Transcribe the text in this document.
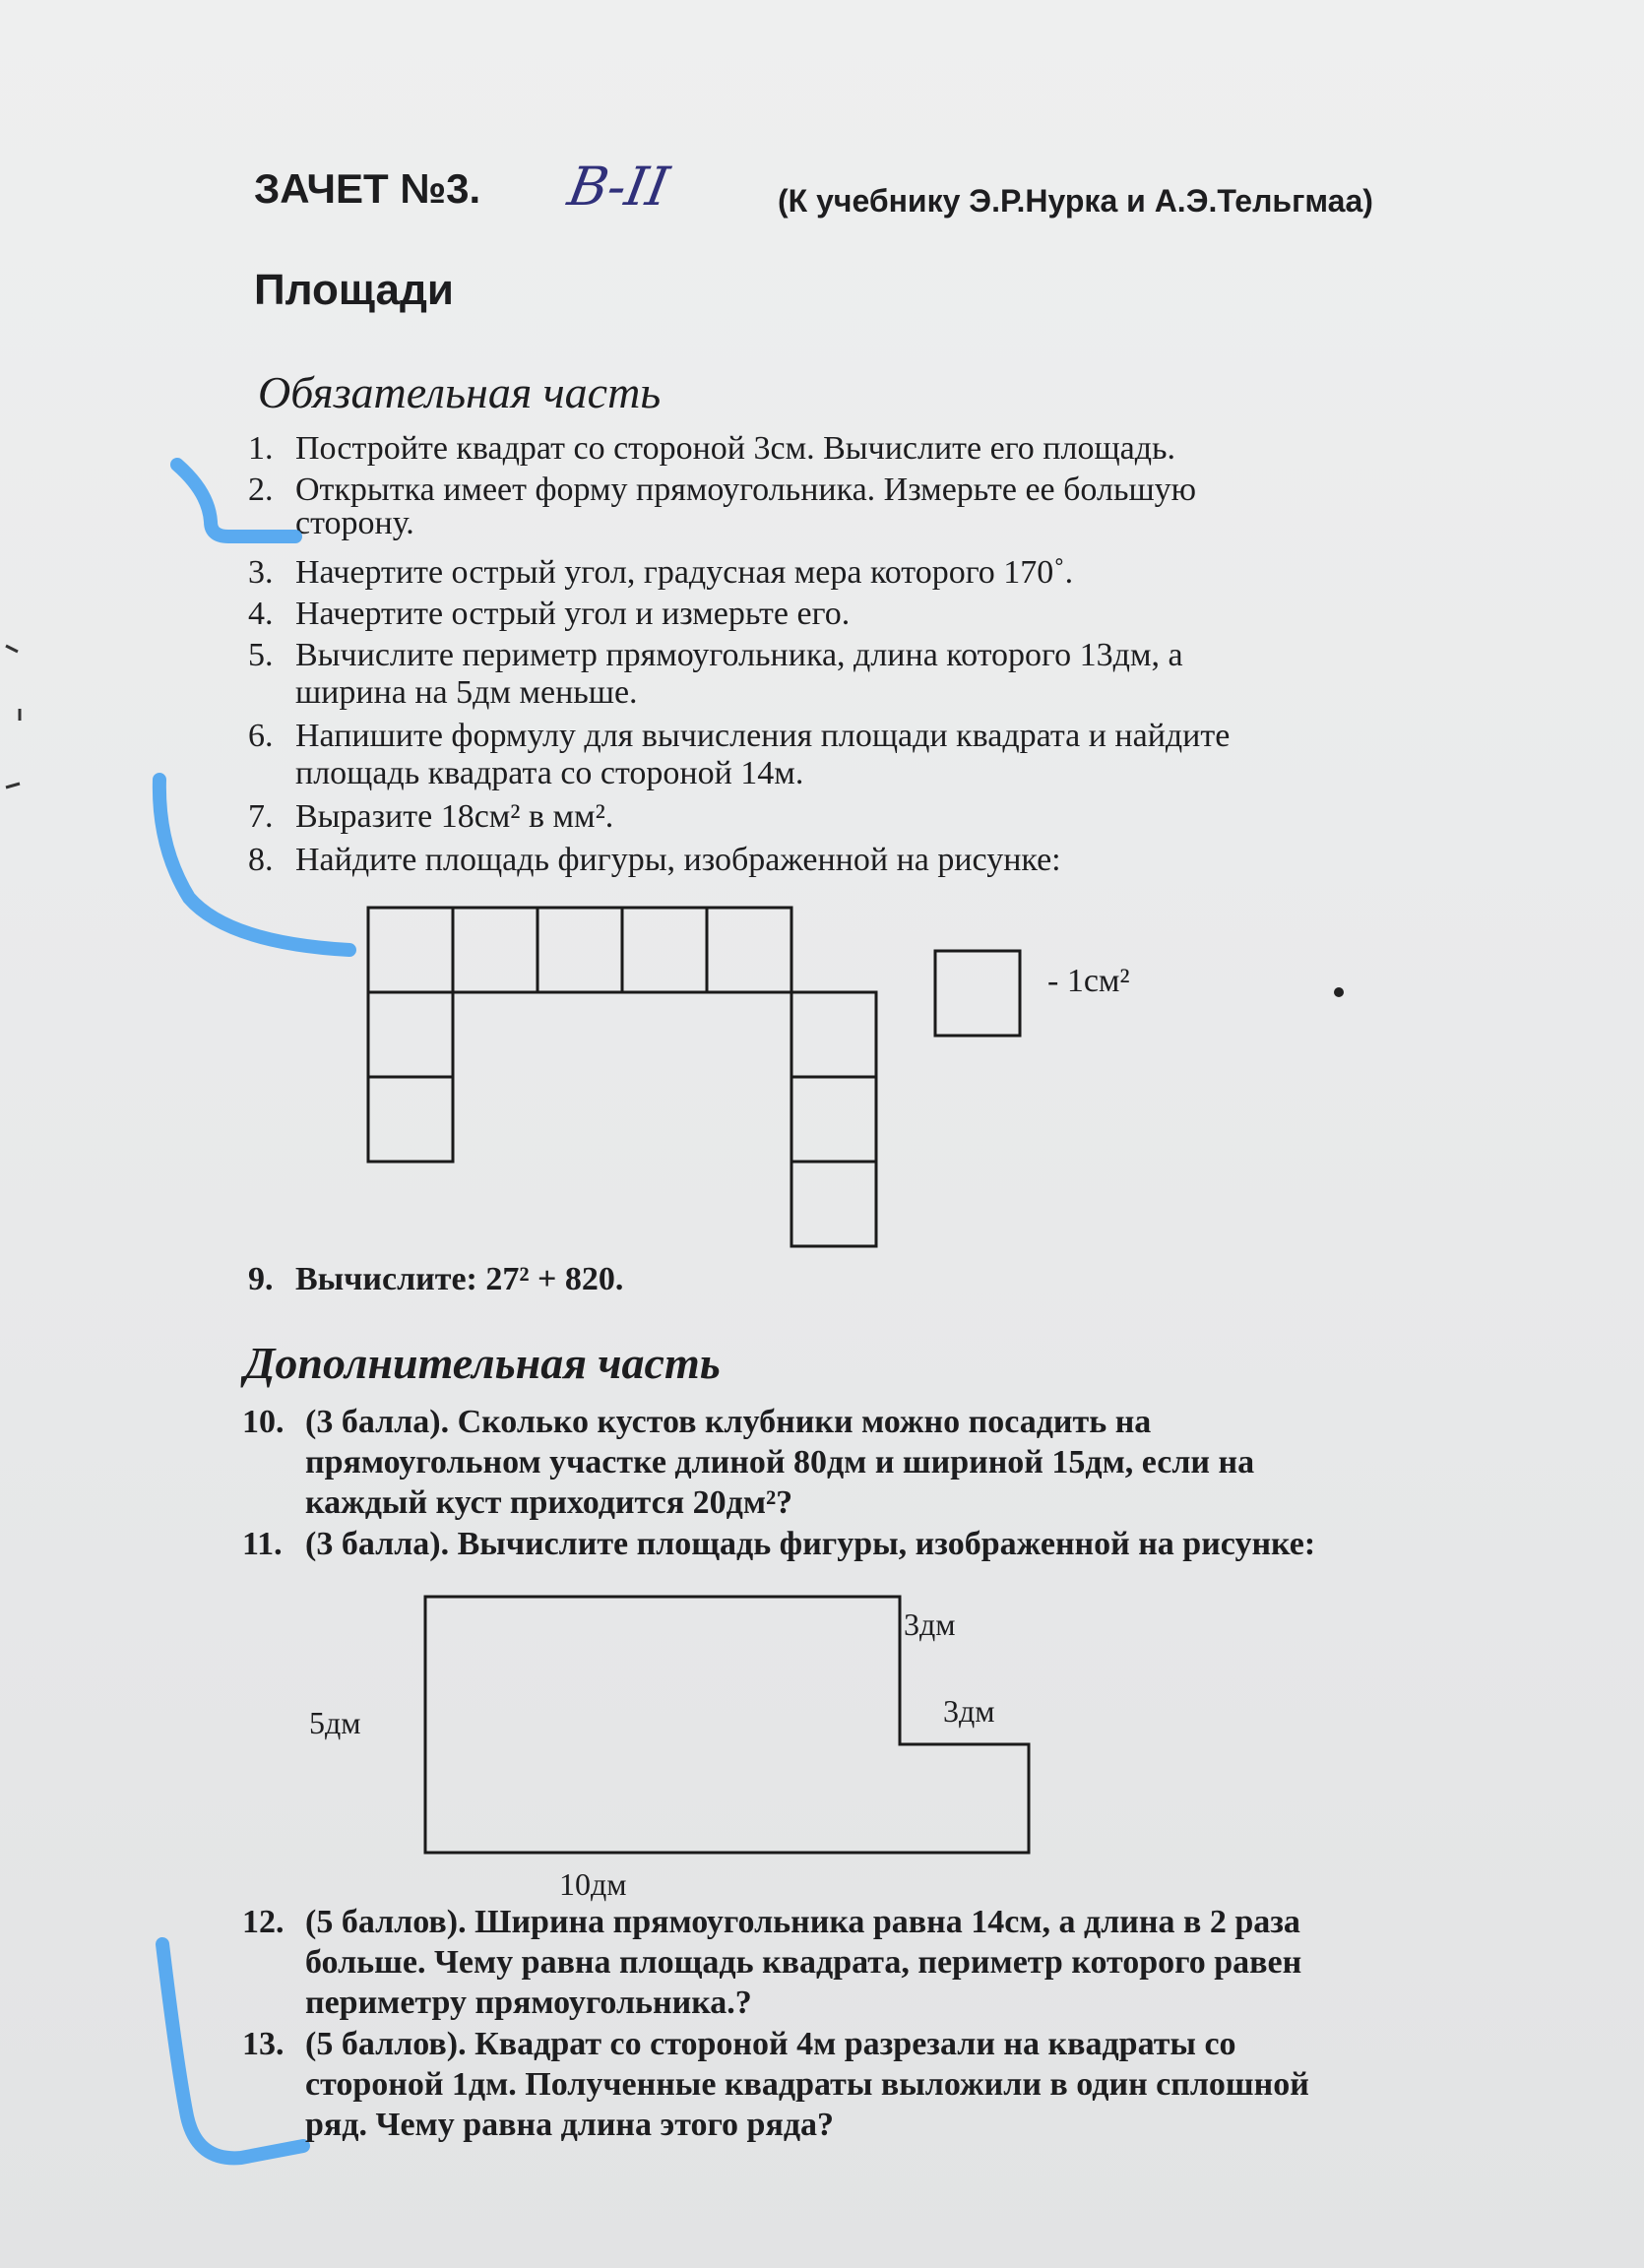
ЗАЧЕТ №3. В-II	(К учебнику Э.Р.Нурка и А.Э.Тельгмаа)
Площади
Обязательная часть
1. Постройте квадрат со стороной 3см. Вычислите его площадь.
2. Открытка имеет форму прямоугольника. Измерьте ее большую
сторону.
3. Начертите острый угол, градусная мера которого 170˚.
4. Начертите острый угол и измерьте его.
5. Вычислите периметр прямоугольника, длина которого 13дм, а
ширина на 5дм меньше.
6. Напишите формулу для вычисления площади квадрата и найдите
площадь квадрата со стороной 14м.
7. Выразите 18см² в мм².
8. Найдите площадь фигуры, изображенной на рисунке:
- 1см²
9. Вычислите: 27² + 820.
Дополнительная часть
10. (3 балла). Сколько кустов клубники можно посадить на
прямоугольном участке длиной 80дм и шириной 15дм, если на
каждый куст приходится 20дм²?
11. (3 балла). Вычислите площадь фигуры, изображенной на рисунке:
3дм
3дм
5дм
10дм
12. (5 баллов). Ширина прямоугольника равна 14см, а длина в 2 раза
больше. Чему равна площадь квадрата, периметр которого равен
периметру прямоугольника.?
13. (5 баллов). Квадрат со стороной 4м разрезали на квадраты со
стороной 1дм. Полученные квадраты выложили в один сплошной
ряд. Чему равна длина этого ряда?
